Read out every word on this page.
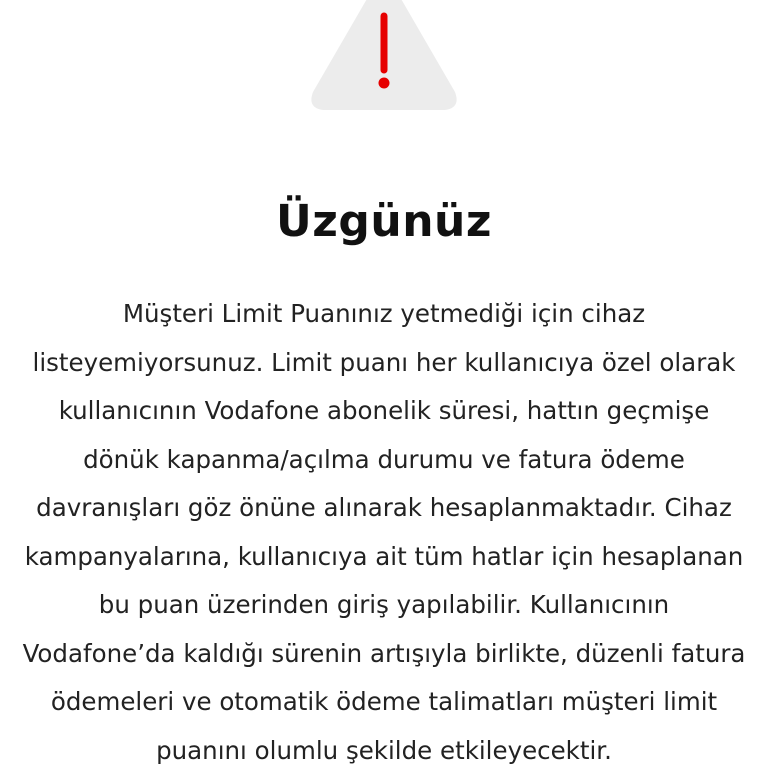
Üzgünüz
Müşteri Limit Puanınız yetmediği için cihaz
listeyemiyorsunuz. Limit puanı her kullanıcıya özel olarak
kullanıcının Vodafone abonelik süresi, hattın geçmişe
dönük kapanma/açılma durumu ve fatura ödeme
davranışları göz önüne alınarak hesaplanmaktadır. Cihaz
kampanyalarına, kullanıcıya ait tüm hatlar için hesaplanan
bu puan üzerinden giriş yapılabilir. Kullanıcının
Vodafone’da kaldığı sürenin artışıyla birlikte, düzenli fatura
ödemeleri ve otomatik ödeme talimatları müşteri limit
puanını olumlu şekilde etkileyecektir.
